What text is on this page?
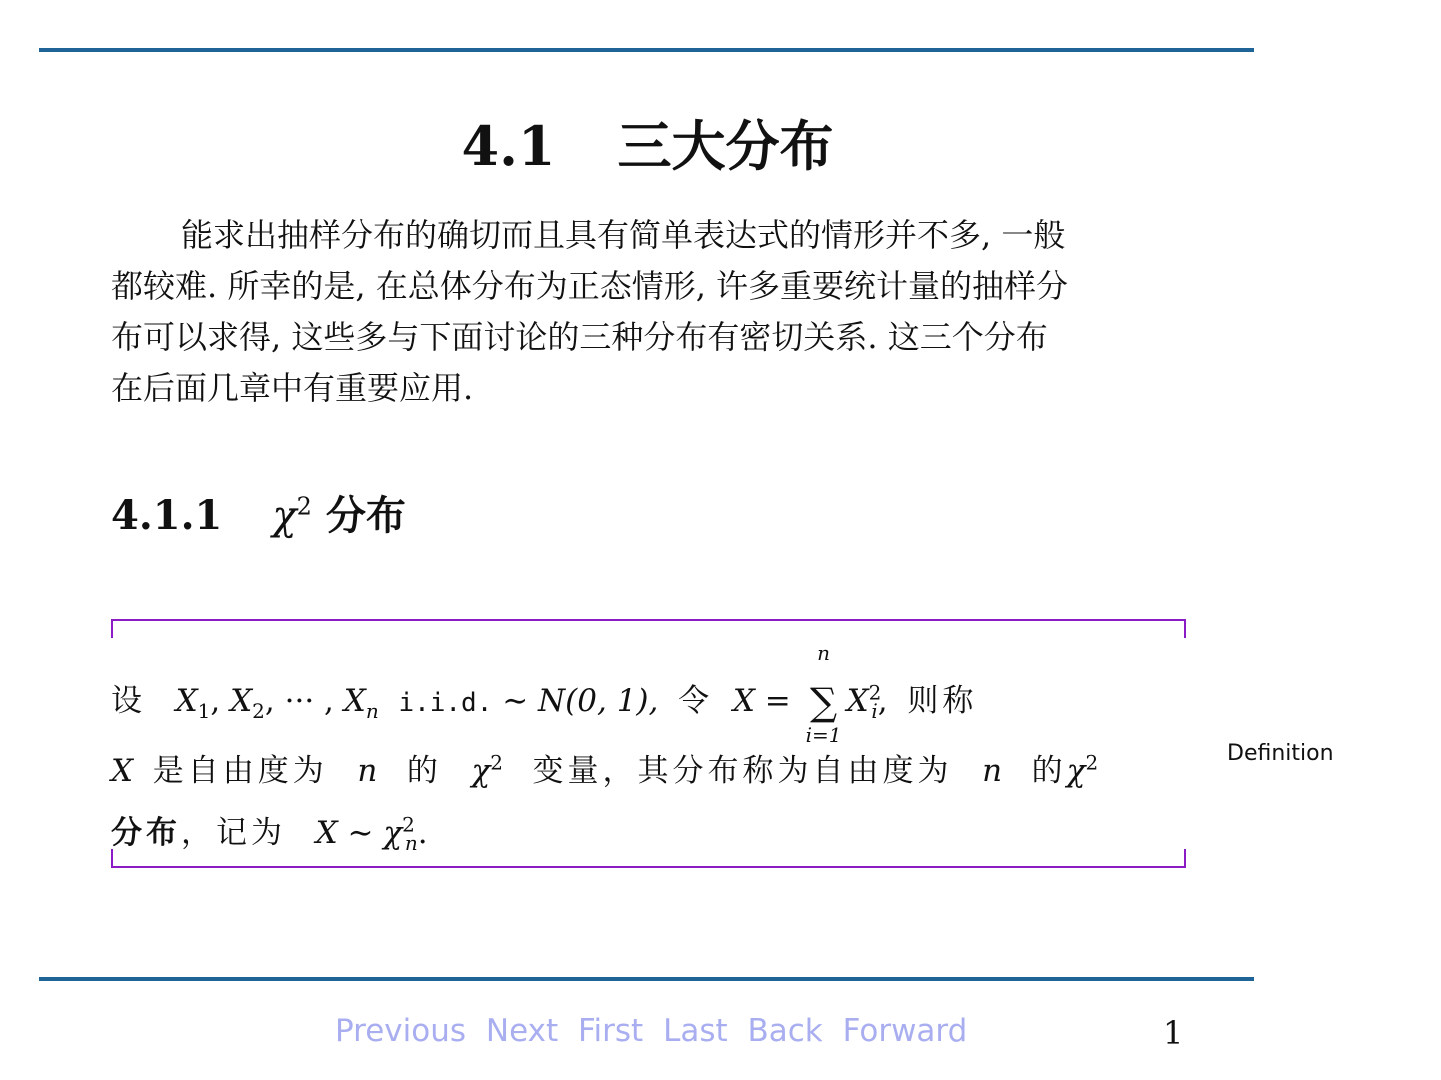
4.1 三大分布
能求出抽样分布的确切而且具有简单表达式的情形并不多, 一般
都较难. 所幸的是, 在总体分布为正态情形, 许多重要统计量的抽样分
布可以求得, 这些多与下面讨论的三种分布有密切关系. 这三个分布
在后面几章中有重要应用.
4.1.1 $\chi^2$ 分布
设 $X_1$, $X_2$, ··· , $X_n$ i.i.d. ∼ N(0, 1), 令 X =
n
∑
i=1
$X^2_i$, 则称
X 是自由度为 n 的 $\chi^2$ 变量，其分布称为自由度为 n 的$\chi^2$
分布，记为 X ∼ $\chi^2_n$.
Definition
Previous Next First Last Back Forward	1
